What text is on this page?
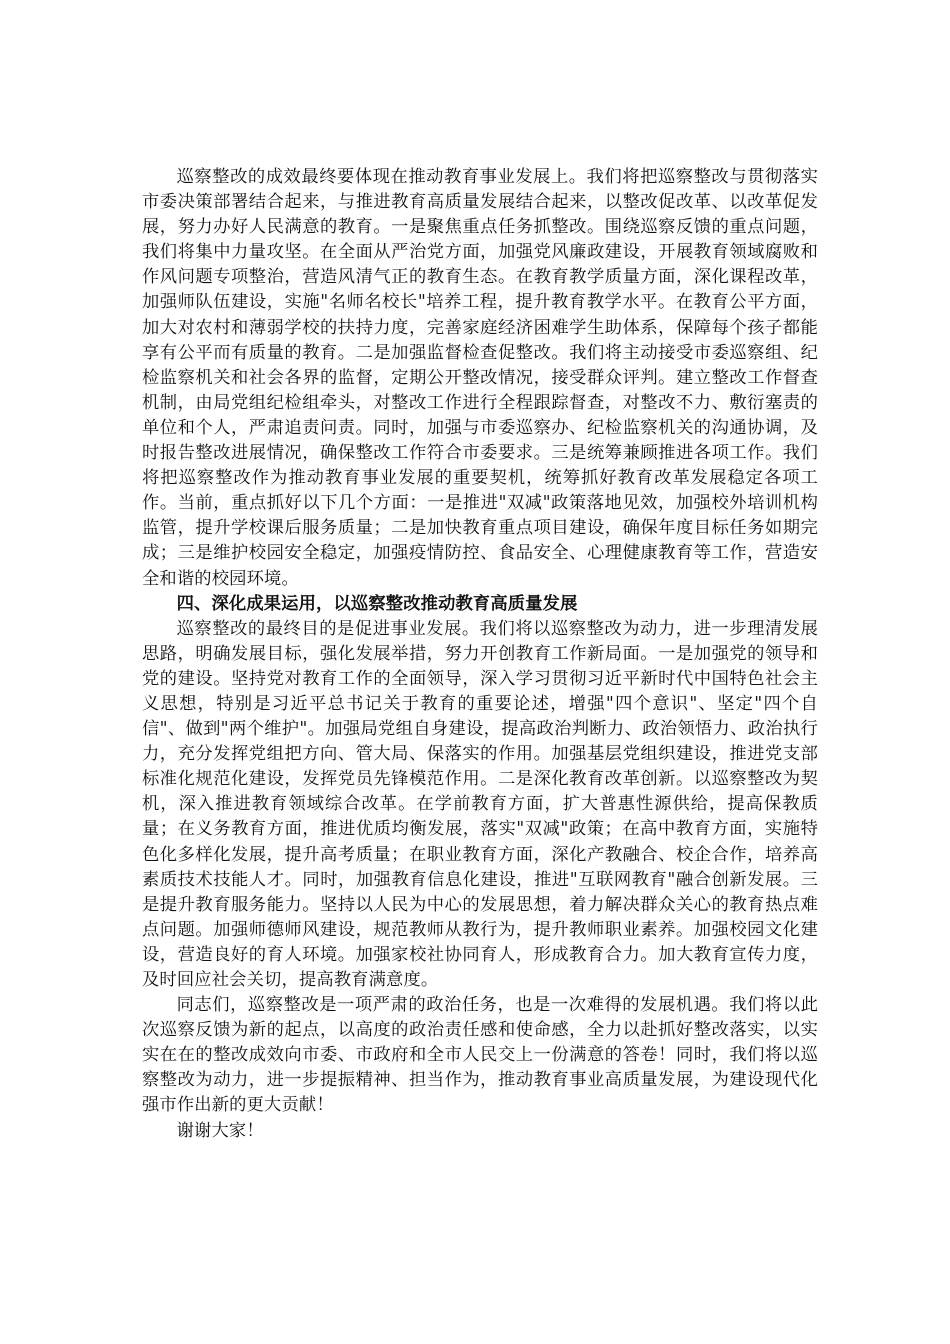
巡察整改的成效最终要体现在推动教育事业发展上。我们将把巡察整改与贯彻落实市委决策部署结合起来，与推进教育高质量发展结合起来，以整改促改革、以改革促发展，努力办好人民满意的教育。一是聚焦重点任务抓整改。围绕巡察反馈的重点问题，我们将集中力量攻坚。在全面从严治党方面，加强党风廉政建设，开展教育领域腐败和作风问题专项整治，营造风清气正的教育生态。在教育教学质量方面，深化课程改革，加强师队伍建设，实施"名师名校长"培养工程，提升教育教学水平。在教育公平方面，加大对农村和薄弱学校的扶持力度，完善家庭经济困难学生助体系，保障每个孩子都能享有公平而有质量的教育。二是加强监督检查促整改。我们将主动接受市委巡察组、纪检监察机关和社会各界的监督，定期公开整改情况，接受群众评判。建立整改工作督查机制，由局党组纪检组牵头，对整改工作进行全程跟踪督查，对整改不力、敷衍塞责的单位和个人，严肃追责问责。同时，加强与市委巡察办、纪检监察机关的沟通协调，及时报告整改进展情况，确保整改工作符合市委要求。三是统筹兼顾推进各项工作。我们将把巡察整改作为推动教育事业发展的重要契机，统筹抓好教育改革发展稳定各项工作。当前，重点抓好以下几个方面：一是推进"双减"政策落地见效，加强校外培训机构监管，提升学校课后服务质量；二是加快教育重点项目建设，确保年度目标任务如期完成；三是维护校园安全稳定，加强疫情防控、食品安全、心理健康教育等工作，营造安全和谐的校园环境。

四、深化成果运用，以巡察整改推动教育高质量发展

巡察整改的最终目的是促进事业发展。我们将以巡察整改为动力，进一步理清发展思路，明确发展目标，强化发展举措，努力开创教育工作新局面。一是加强党的领导和党的建设。坚持党对教育工作的全面领导，深入学习贯彻习近平新时代中国特色社会主义思想，特别是习近平总书记关于教育的重要论述，增强"四个意识"、坚定"四个自信"、做到"两个维护"。加强局党组自身建设，提高政治判断力、政治领悟力、政治执行力，充分发挥党组把方向、管大局、保落实的作用。加强基层党组织建设，推进党支部标准化规范化建设，发挥党员先锋模范作用。二是深化教育改革创新。以巡察整改为契机，深入推进教育领域综合改革。在学前教育方面，扩大普惠性源供给，提高保教质量；在义务教育方面，推进优质均衡发展，落实"双减"政策；在高中教育方面，实施特色化多样化发展，提升高考质量；在职业教育方面，深化产教融合、校企合作，培养高素质技术技能人才。同时，加强教育信息化建设，推进"互联网教育"融合创新发展。三是提升教育服务能力。坚持以人民为中心的发展思想，着力解决群众关心的教育热点难点问题。加强师德师风建设，规范教师从教行为，提升教师职业素养。加强校园文化建设，营造良好的育人环境。加强家校社协同育人，形成教育合力。加大教育宣传力度，及时回应社会关切，提高教育满意度。

同志们，巡察整改是一项严肃的政治任务，也是一次难得的发展机遇。我们将以此次巡察反馈为新的起点，以高度的政治责任感和使命感，全力以赴抓好整改落实，以实实在在的整改成效向市委、市政府和全市人民交上一份满意的答卷！同时，我们将以巡察整改为动力，进一步提振精神、担当作为，推动教育事业高质量发展，为建设现代化强市作出新的更大贡献！

谢谢大家！
